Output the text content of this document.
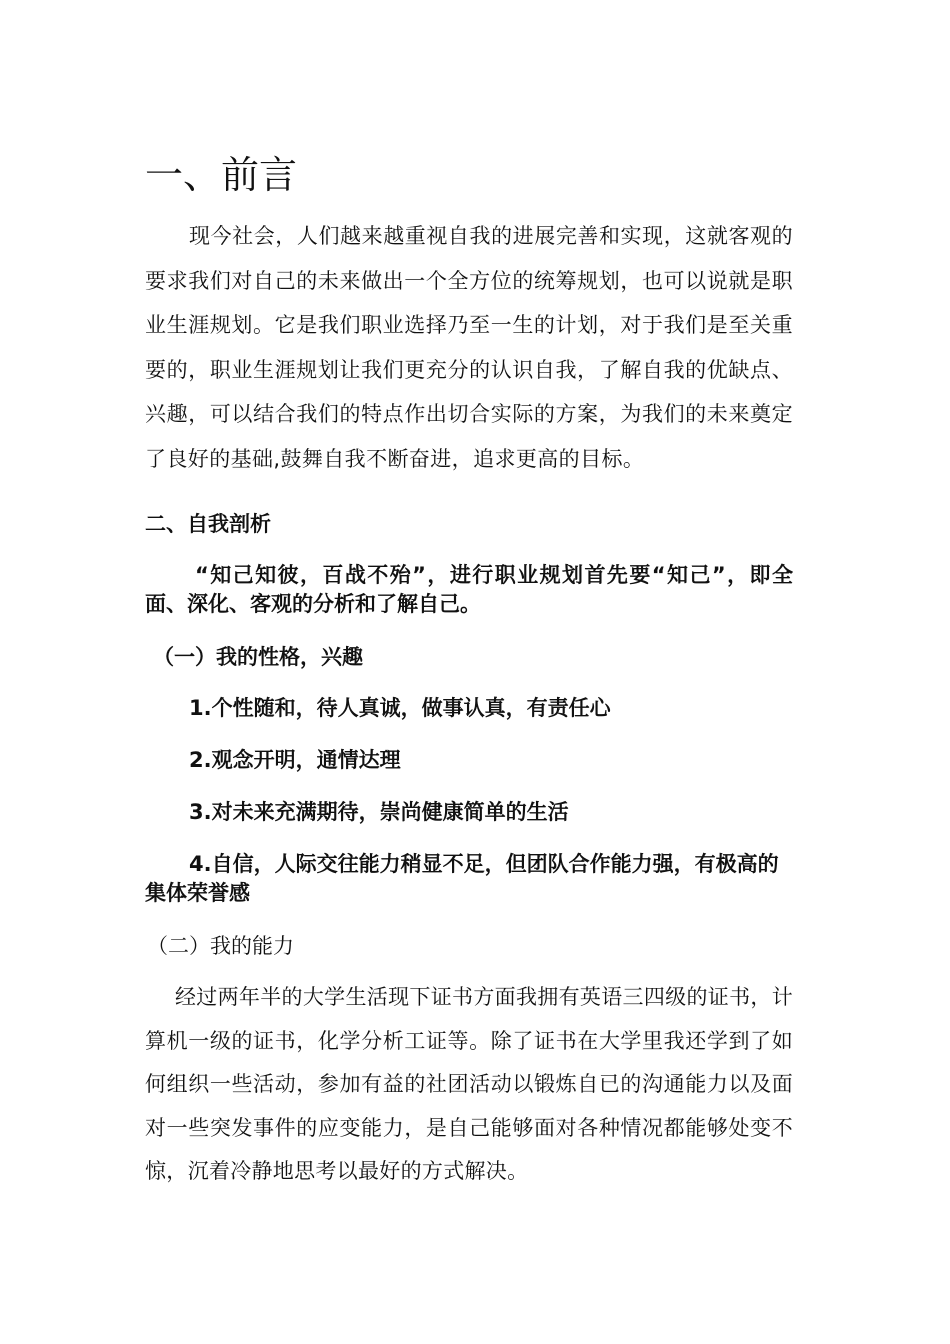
一、前言

现今社会，人们越来越重视自我的进展完善和实现，这就客观的要求我们对自己的未来做出一个全方位的统筹规划，也可以说就是职业生涯规划。它是我们职业选择乃至一生的计划，对于我们是至关重要的，职业生涯规划让我们更充分的认识自我，了解自我的优缺点、兴趣，可以结合我们的特点作出切合实际的方案，为我们的未来奠定了良好的基础,鼓舞自我不断奋进，追求更高的目标。

二、自我剖析

“知己知彼，百战不殆”，进行职业规划首先要“知己”，即全面、深化、客观的分析和了解自己。

（一）我的性格，兴趣

1.个性随和，待人真诚，做事认真，有责任心

2.观念开明，通情达理

3.对未来充满期待，崇尚健康简单的生活

4.自信，人际交往能力稍显不足，但团队合作能力强，有极高的集体荣誉感

（二）我的能力

经过两年半的大学生活现下证书方面我拥有英语三四级的证书，计算机一级的证书，化学分析工证等。除了证书在大学里我还学到了如何组织一些活动，参加有益的社团活动以锻炼自已的沟通能力以及面对一些突发事件的应变能力，是自己能够面对各种情况都能够处变不惊，沉着冷静地思考以最好的方式解决。
